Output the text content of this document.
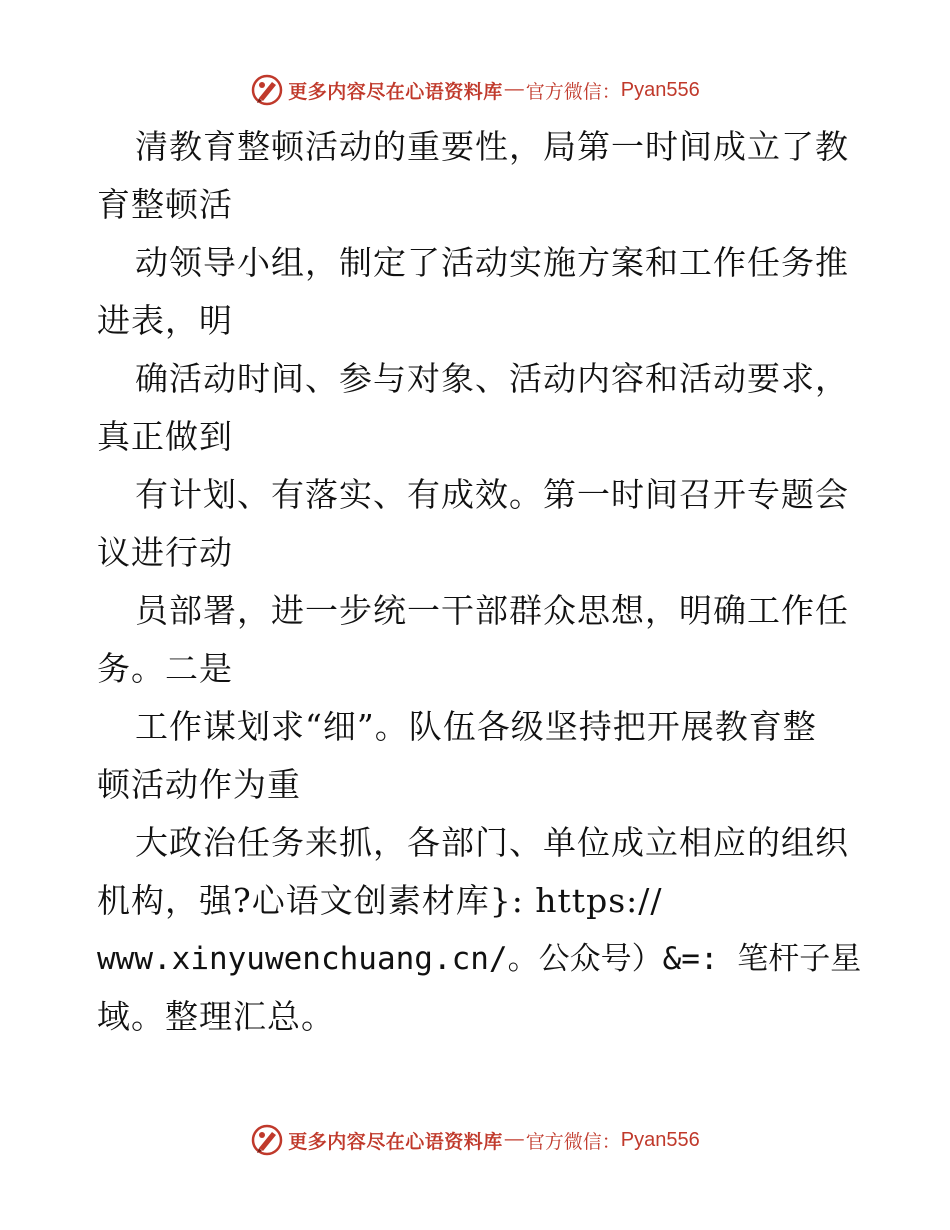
更多内容尽在心语资料库 — 官方微信： Pyan556
清教育整顿活动的重要性，局第一时间成立了教
育整顿活
动领导小组，制定了活动实施方案和工作任务推
进表，明
确活动时间、参与对象、活动内容和活动要求，
真正做到
有计划、有落实、有成效。第一时间召开专题会
议进行动
员部署，进一步统一干部群众思想，明确工作任
务。二是
工作谋划求“细”。队伍各级坚持把开展教育整
顿活动作为重
大政治任务来抓，各部门、单位成立相应的组织
机构，强?心语文创素材库}: https://
www.xinyuwenchuang.cn/。公众号）&=: 笔杆子星
域。整理汇总。
更多内容尽在心语资料库 — 官方微信： Pyan556
